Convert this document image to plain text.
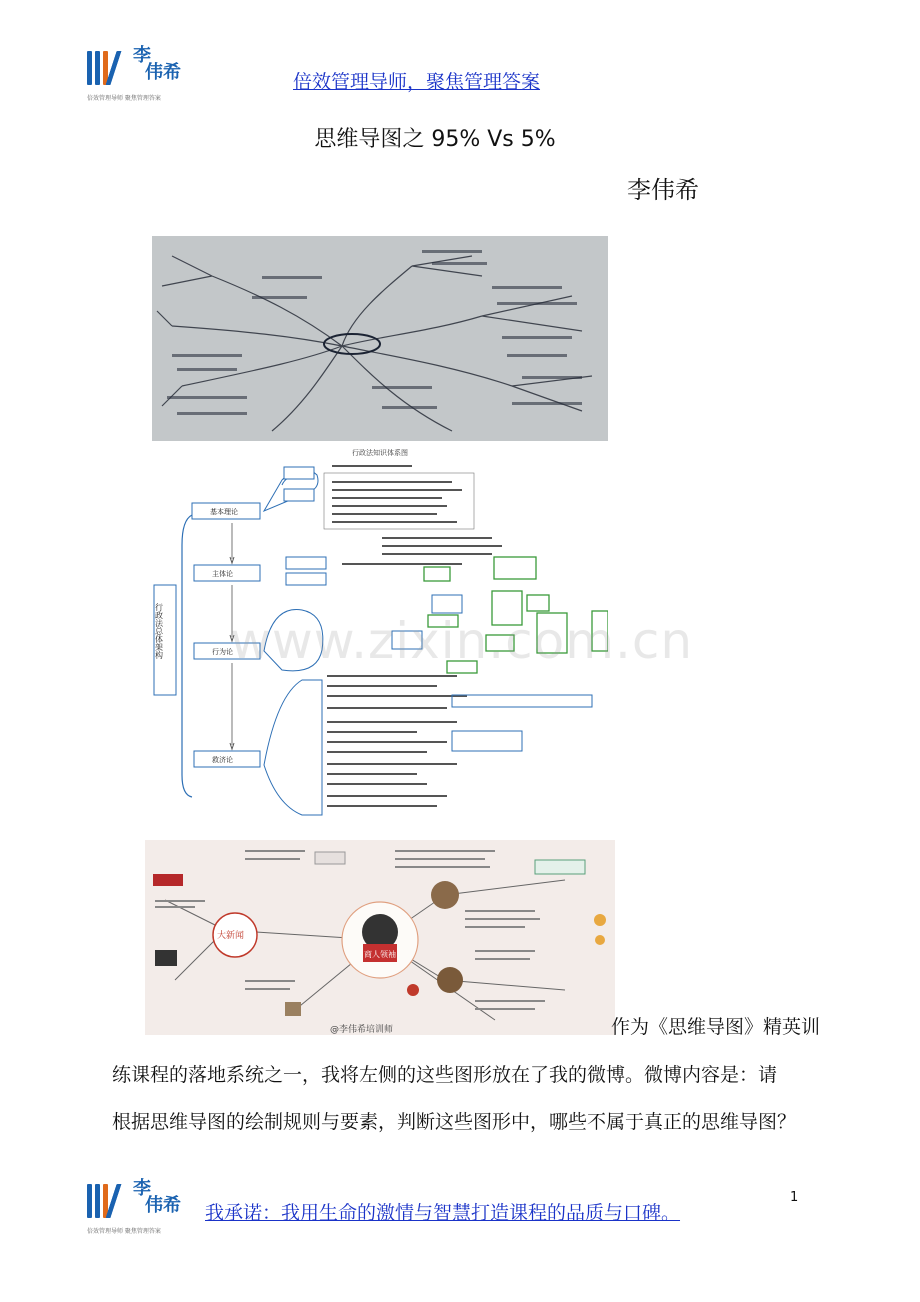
李
伟希
倍效管理导师 聚焦管理答案
倍效管理导师，聚焦管理答案
思维导图之 95% Vs 5%
李伟希
行政法知识体系图
行政法总体架构
基本理论
主体论
行为论
救济论
www.zixin.com.cn
商人领袖
大新闻
@李伟希培训师	作为《思维导图》精英训
练课程的落地系统之一，我将左侧的这些图形放在了我的微博。微博内容是：请
根据思维导图的绘制规则与要素，判断这些图形中，哪些不属于真正的思维导图？
李
伟希
倍效管理导师 聚焦管理答案
我承诺：我用生命的激情与智慧打造课程的品质与口碑。
1
